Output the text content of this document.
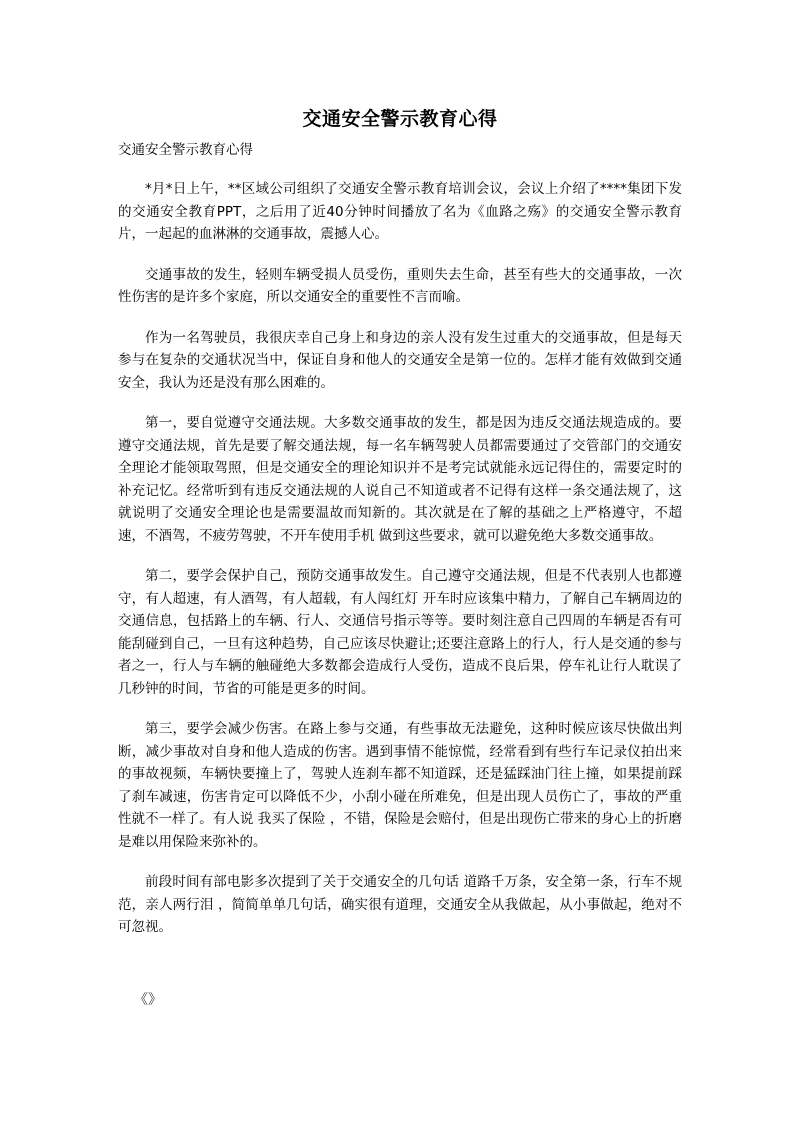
交通安全警示教育心得
交通安全警示教育心得

*月*日上午，**区域公司组织了交通安全警示教育培训会议，会议上介绍了****集团下发的交通安全教育PPT，之后用了近40分钟时间播放了名为《血路之殇》的交通安全警示教育片，一起起的血淋淋的交通事故，震撼人心。

交通事故的发生，轻则车辆受损人员受伤，重则失去生命，甚至有些大的交通事故，一次性伤害的是许多个家庭，所以交通安全的重要性不言而喻。

作为一名驾驶员，我很庆幸自己身上和身边的亲人没有发生过重大的交通事故，但是每天参与在复杂的交通状况当中，保证自身和他人的交通安全是第一位的。怎样才能有效做到交通安全，我认为还是没有那么困难的。

第一，要自觉遵守交通法规。大多数交通事故的发生，都是因为违反交通法规造成的。要遵守交通法规，首先是要了解交通法规，每一名车辆驾驶人员都需要通过了交管部门的交通安全理论才能领取驾照，但是交通安全的理论知识并不是考完试就能永远记得住的，需要定时的补充记忆。经常听到有违反交通法规的人说自己不知道或者不记得有这样一条交通法规了，这就说明了交通安全理论也是需要温故而知新的。其次就是在了解的基础之上严格遵守，不超速，不酒驾，不疲劳驾驶，不开车使用手机 做到这些要求，就可以避免绝大多数交通事故。

第二，要学会保护自己，预防交通事故发生。自己遵守交通法规，但是不代表别人也都遵守，有人超速，有人酒驾，有人超载，有人闯红灯 开车时应该集中精力，了解自己车辆周边的交通信息，包括路上的车辆、行人、交通信号指示等等。要时刻注意自己四周的车辆是否有可能刮碰到自己，一旦有这种趋势，自己应该尽快避让;还要注意路上的行人，行人是交通的参与者之一，行人与车辆的触碰绝大多数都会造成行人受伤，造成不良后果，停车礼让行人耽误了几秒钟的时间，节省的可能是更多的时间。

第三，要学会减少伤害。在路上参与交通，有些事故无法避免，这种时候应该尽快做出判断，减少事故对自身和他人造成的伤害。遇到事情不能惊慌，经常看到有些行车记录仪拍出来的事故视频，车辆快要撞上了，驾驶人连刹车都不知道踩，还是猛踩油门往上撞，如果提前踩了刹车减速，伤害肯定可以降低不少，小刮小碰在所难免，但是出现人员伤亡了，事故的严重性就不一样了。有人说 我买了保险 ，不错，保险是会赔付，但是出现伤亡带来的身心上的折磨是难以用保险来弥补的。

前段时间有部电影多次提到了关于交通安全的几句话 道路千万条，安全第一条，行车不规范，亲人两行泪 ，简简单单几句话，确实很有道理，交通安全从我做起，从小事做起，绝对不可忽视。

《》
